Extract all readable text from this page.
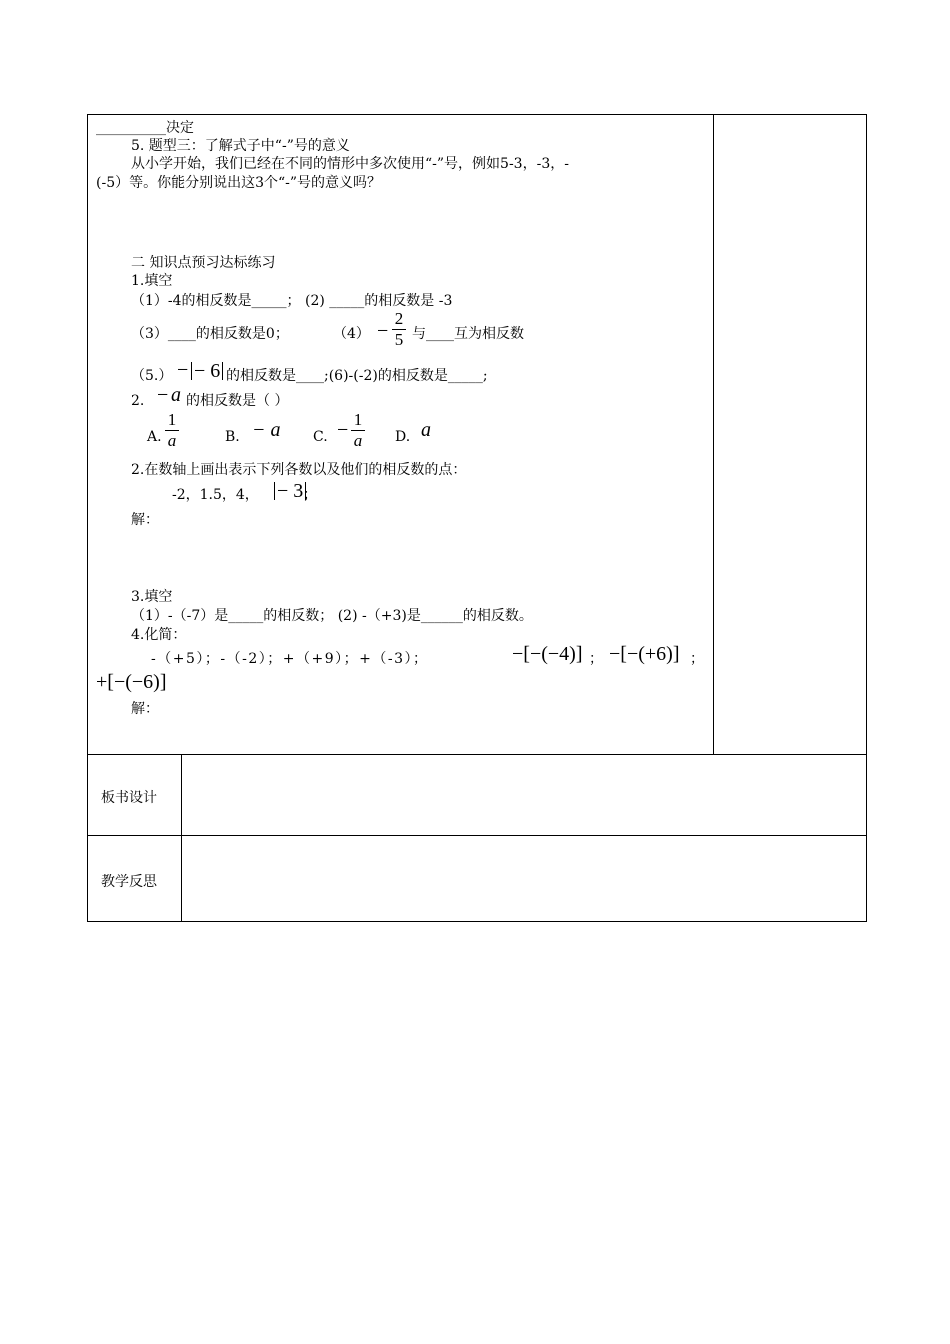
__________决定
5. 题型三：了解式子中“-”号的意义
从小学开始，我们已经在不同的情形中多次使用“-”号，例如5-3，-3，-
(-5）等。你能分别说出这3个“-”号的意义吗？
二 知识点预习达标练习
1.填空
（1）-4的相反数是_____； (2) _____的相反数是 -3
（3）____的相反数是0；	（4） −
2
5 与____互为相反数
（5.） − − 6 的相反数是____;(6)-(-2)的相反数是_____;
2. − a 的相反数是（ ）
A.
1
a	B. − a C. − 1
a D. a
2.在数轴上画出表示下列各数以及他们的相反数的点：
-2，1.5，4， − 3 ；
解：
3.填空
（1）-（-7）是_____的相反数； (2) -（+3)是______的相反数。
4.化简：
-（+5）；-（-2）；+（+9）；+（-3）；	−[−(−4)] ； −[−(+6)] ；
+[−(−6)]
解：
板书设计
教学反思
